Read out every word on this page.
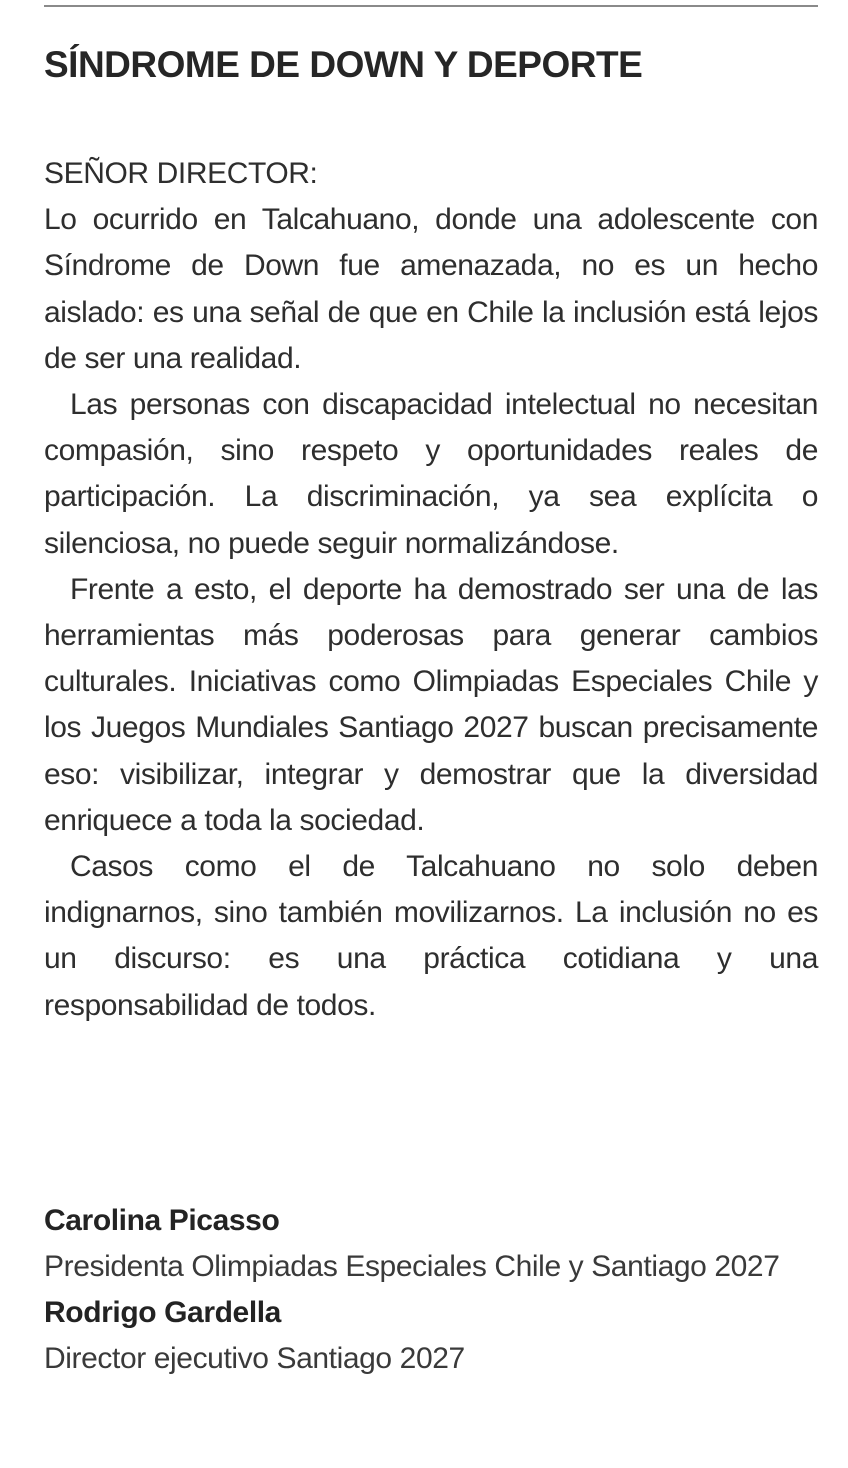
SÍNDROME DE DOWN Y DEPORTE

SEÑOR DIRECTOR:

Lo ocurrido en Talcahuano, donde una adolescente con Síndrome de Down fue amenazada, no es un hecho aislado: es una señal de que en Chile la inclusión está lejos de ser una realidad.

Las personas con discapacidad intelectual no necesitan compasión, sino respeto y oportunidades reales de participación. La discriminación, ya sea explícita o silenciosa, no puede seguir normalizándose.

Frente a esto, el deporte ha demostrado ser una de las herramientas más poderosas para generar cambios culturales. Iniciativas como Olimpiadas Especiales Chile y los Juegos Mundiales Santiago 2027 buscan precisamente eso: visibilizar, integrar y demostrar que la diversidad enriquece a toda la sociedad.

Casos como el de Talcahuano no solo deben indignarnos, sino también movilizarnos. La inclusión no es un discurso: es una práctica cotidiana y una responsabilidad de todos.

Carolina Picasso

Presidenta Olimpiadas Especiales Chile y Santiago 2027

Rodrigo Gardella

Director ejecutivo Santiago 2027
